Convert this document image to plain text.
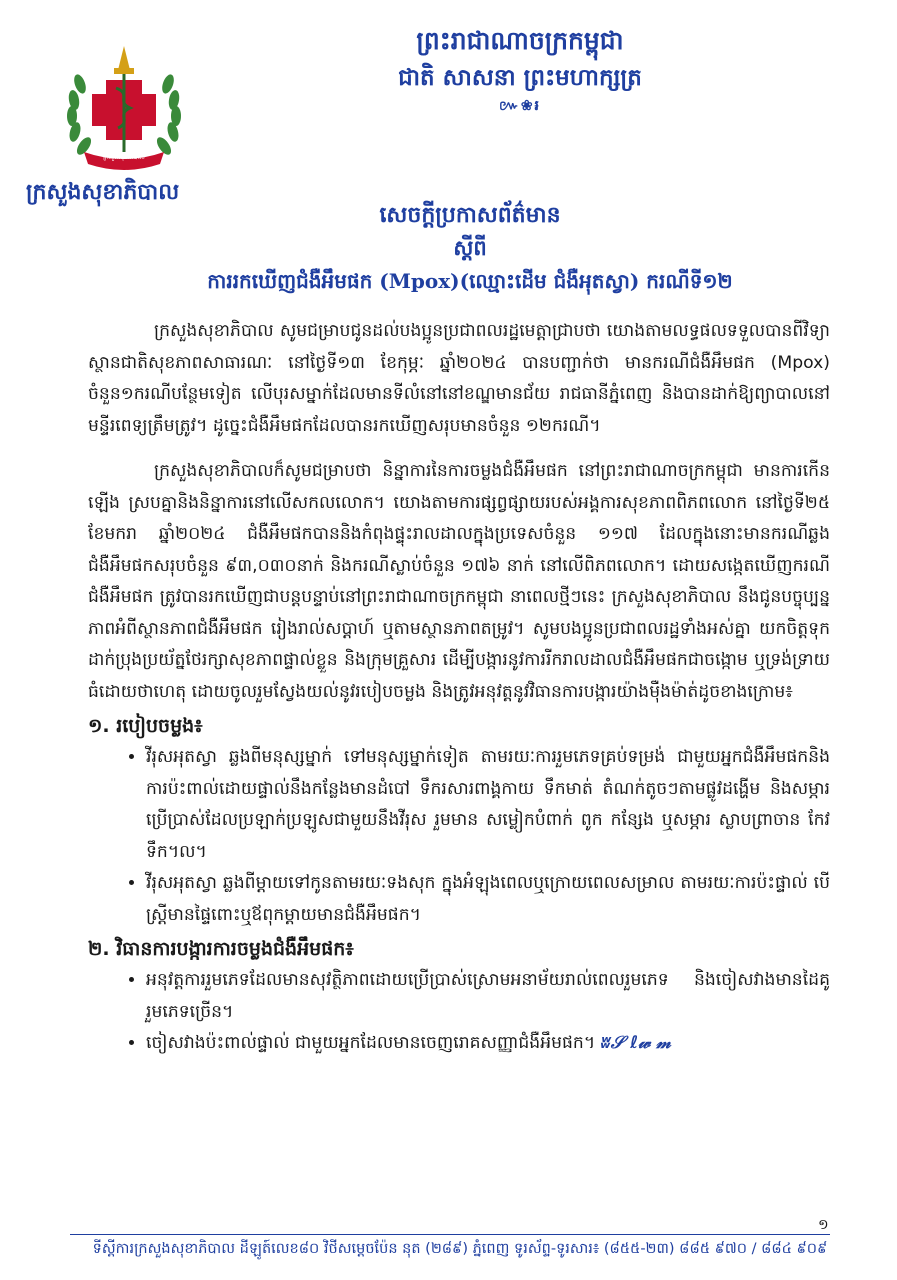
ក្រសួងសុខាភិបាល
ក្រសួងសុខាភិបាល
ព្រះរាជាណាចក្រកម្ពុជា
ជាតិ សាសនា ព្រះមហាក្សត្រ
៚❀៛
សេចក្តីប្រកាសព័ត៌មាន
ស្តីពី
ការរកឃើញជំងឺអឹមផក (Mpox)(ឈ្មោះដើម ជំងឺអុតស្វា) ករណីទី១២

ក្រសួងសុខាភិបាល សូមជម្រាបជូនដល់បងប្អូនប្រជាពលរដ្ឋមេត្តាជ្រាបថា យោងតាមលទ្ធផលទទួលបានពីវិទ្យាស្ថានជាតិសុខភាពសាធារណៈ នៅថ្ងៃទី១៣ ខែកុម្ភៈ ឆ្នាំ២០២៤ បានបញ្ជាក់ថា មានករណីជំងឺអឹមផក (Mpox) ចំនួន១ករណីបន្ថែមទៀត លើបុរសម្នាក់ដែលមានទីលំនៅនៅខណ្ឌមានជ័យ រាជធានីភ្នំពេញ និងបានដាក់ឱ្យព្យាបាលនៅមន្ទីរពេទ្យត្រឹមត្រូវ។ ដូច្នេះជំងឺអឹមផកដែលបានរកឃើញសរុបមានចំនួន ១២ករណី។

ក្រសួងសុខាភិបាលក៏សូមជម្រាបថា និន្នាការនៃការចម្លងជំងឺអឹមផក នៅព្រះរាជាណាចក្រកម្ពុជា មានការកើនឡើង ស្របគ្នានិងនិន្នាការនៅលើសកលលោក។ យោងតាមការផ្សព្វផ្សាយរបស់អង្គការសុខភាពពិភពលោក នៅថ្ងៃទី២៥ ខែមករា ឆ្នាំ២០២៤ ជំងឺអឹមផកបាននិងកំពុងផ្ទុះរាលដាលក្នុងប្រទេសចំនួន ១១៧ ដែលក្នុងនោះមានករណីឆ្លងជំងឺអឹមផកសរុបចំនួន ៩៣,០៣០នាក់ និងករណីស្លាប់ចំនួន ១៧៦ នាក់ នៅលើពិភពលោក។ ដោយសង្កេតឃើញករណីជំងឺអឹមផក ត្រូវបានរកឃើញជាបន្តបន្ទាប់នៅព្រះរាជាណាចក្រកម្ពុជា នាពេលថ្មីៗនេះ ក្រសួងសុខាភិបាល នឹងជូនបច្ចុប្បន្នភាពអំពីស្ថានភាពជំងឺអឹមផក រៀងរាល់សប្តាហ៍ ឬតាមស្ថានភាពតម្រូវ។ សូមបងប្អូនប្រជាពលរដ្ឋទាំងអស់គ្នា យកចិត្តទុកដាក់ប្រុងប្រយ័ត្នថែរក្សាសុខភាពផ្ទាល់ខ្លួន និងក្រុមគ្រួសារ ដើម្បីបង្ការនូវការរីករាលដាលជំងឺអឹមផកជាចង្កោម ឬទ្រង់ទ្រាយធំដោយថាហេតុ ដោយចូលរួមស្វែងយល់នូវរបៀបចម្លង និងត្រូវអនុវត្តនូវវិធានការបង្ការយ៉ាងម៉ឺងម៉ាត់ដូចខាងក្រោម៖

១. របៀបចម្លង៖
• វីរុសអុតស្វា ឆ្លងពីមនុស្សម្នាក់ ទៅមនុស្សម្នាក់ទៀត តាមរយៈការរួមភេទគ្រប់ទម្រង់ ជាមួយអ្នកជំងឺអឹមផកនិងការប៉ះពាល់ដោយផ្ទាល់នឹងកន្លែងមានដំបៅ ទឹករសារពាង្គកាយ ទឹកមាត់ តំណក់តូចៗតាមផ្លូវដង្ហើម និងសម្ភារប្រើប្រាស់ដែលប្រឡាក់ប្រឡូសជាមួយនឹងវីរុស រួមមាន សម្លៀកបំពាក់ ពូក កន្សែង ឬសម្ភារ ស្លាបព្រាចាន កែវទឹក។ល។
• វីរុសអុតស្វា ឆ្លងពីម្តាយទៅកូនតាមរយៈទងសុក ក្នុងអំឡុងពេលឬក្រោយពេលសម្រាល តាមរយៈការប៉ះផ្ទាល់ បើស្ត្រីមានផ្ទៃពោះឬឪពុកម្តាយមានជំងឺអឹមផក។
២. វិធានការបង្ការការចម្លងជំងឺអឹមផក៖
• អនុវត្តការរួមភេទដែលមានសុវត្ថិភាពដោយប្រើប្រាស់ស្រោមអនាម័យរាល់ពេលរួមភេទ និងចៀសវាងមានដៃគូរួមភេទច្រើន។
• ចៀសវាងប៉ះពាល់ផ្ទាល់ ជាមួយអ្នកដែលមានចេញរោគសញ្ញាជំងឺអឹមផក។ ʬ𝒮 ℓ𝓌 𝓂
១
ទីស្តីការក្រសួងសុខាភិបាល ដីឡូត៍លេខ៨០ វិថីសម្តេចប៉ែន នុត (២៨៩) ភ្នំពេញ ទូរស័ព្ទ-ទូរសារ៖ (៨៥៥-២៣) ៨៨៥ ៩៧០ / ៨៨៤ ៩០៩
